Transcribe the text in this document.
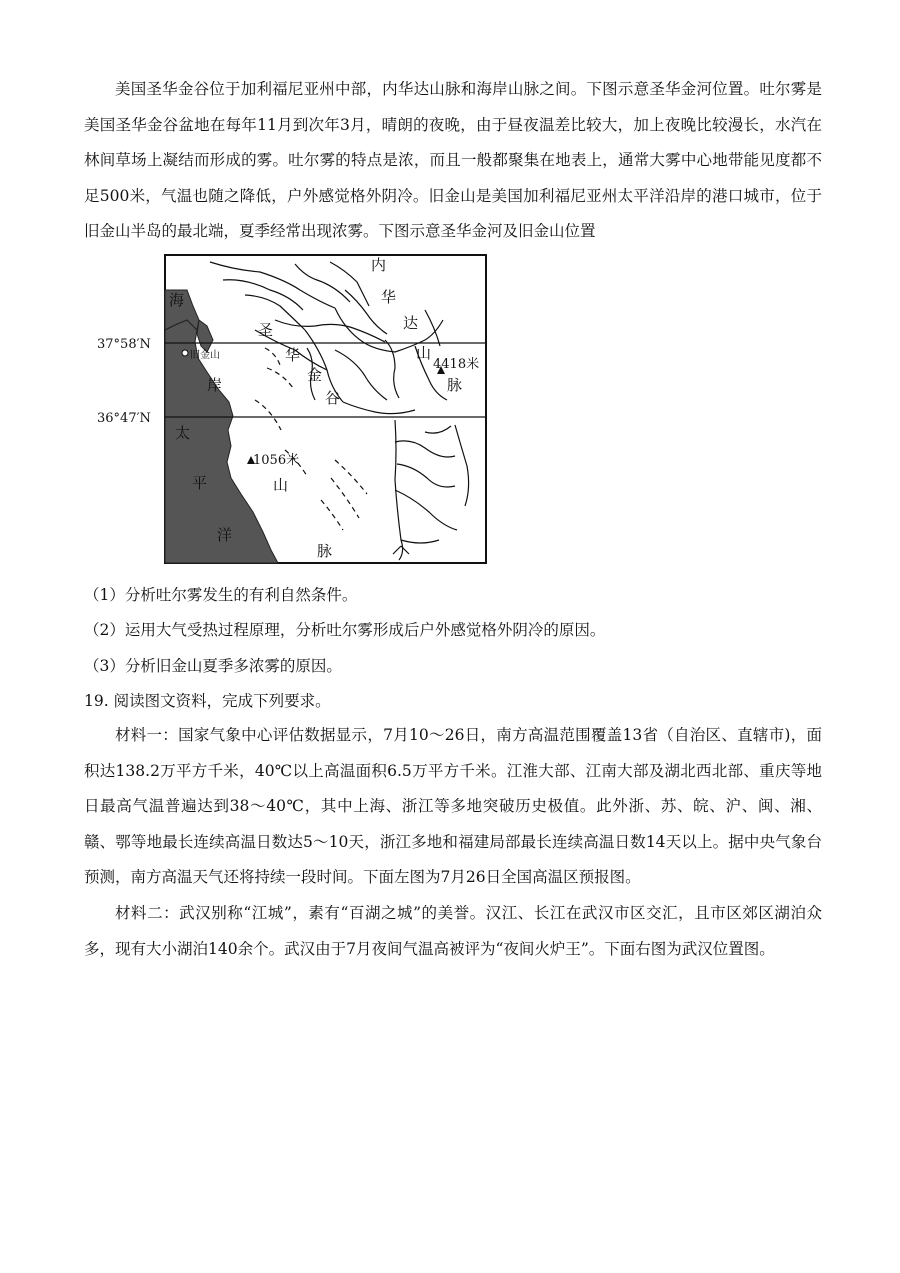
美国圣华金谷位于加利福尼亚州中部，内华达山脉和海岸山脉之间。下图示意圣华金河位置。吐尔雾是美国圣华金谷盆地在每年11月到次年3月，晴朗的夜晚，由于昼夜温差比较大，加上夜晚比较漫长，水汽在林间草场上凝结而形成的雾。吐尔雾的特点是浓，而且一般都聚集在地表上，通常大雾中心地带能见度都不足500米，气温也随之降低，户外感觉格外阴冷。旧金山是美国加利福尼亚州太平洋沿岸的港口城市，位于旧金山半岛的最北端，夏季经常出现浓雾。下图示意圣华金河及旧金山位置

37°58′N
36°47′N
旧金山
4418米
1056米
海
岸
太
平
洋
内
华
达
山
脉
圣
华
金
谷
山
脉

（1）分析吐尔雾发生的有利自然条件。

（2）运用大气受热过程原理，分析吐尔雾形成后户外感觉格外阴冷的原因。

（3）分析旧金山夏季多浓雾的原因。

19. 阅读图文资料，完成下列要求。

材料一：国家气象中心评估数据显示，7月10～26日，南方高温范围覆盖13省（自治区、直辖市)，面积达138.2万平方千米，40℃以上高温面积6.5万平方千米。江淮大部、江南大部及湖北西北部、重庆等地日最高气温普遍达到38～40℃，其中上海、浙江等多地突破历史极值。此外浙、苏、皖、沪、闽、湘、赣、鄂等地最长连续高温日数达5～10天，浙江多地和福建局部最长连续高温日数14天以上。据中央气象台预测，南方高温天气还将持续一段时间。下面左图为7月26日全国高温区预报图。

材料二：武汉别称“江城”，素有“百湖之城”的美誉。汉江、长江在武汉市区交汇，且市区郊区湖泊众多，现有大小湖泊140余个。武汉由于7月夜间气温高被评为“夜间火炉王”。下面右图为武汉位置图。
